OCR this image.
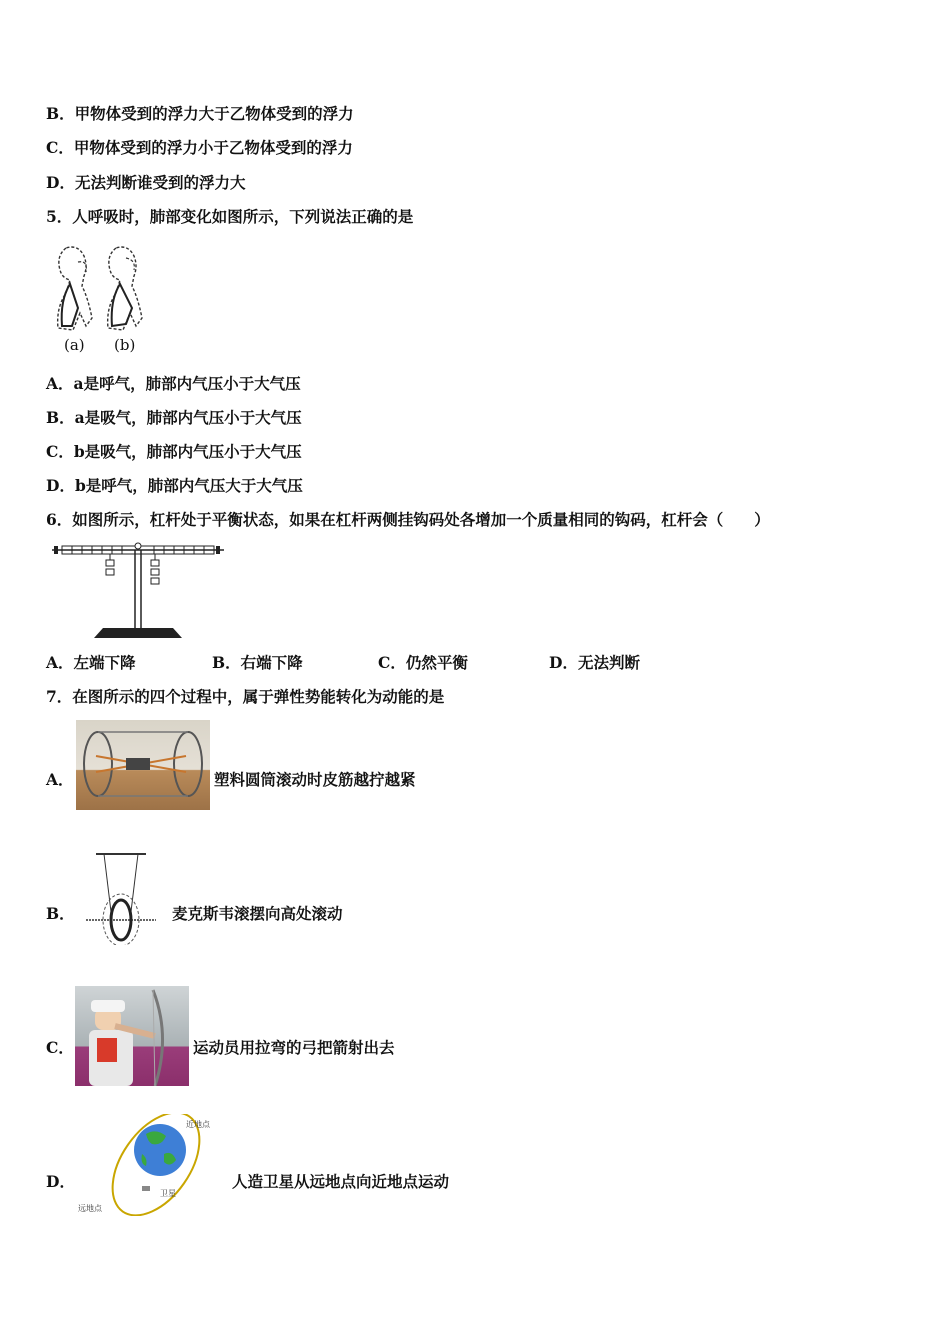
B．甲物体受到的浮力大于乙物体受到的浮力
C．甲物体受到的浮力小于乙物体受到的浮力
D．无法判断谁受到的浮力大
5．人呼吸时，肺部变化如图所示，下列说法正确的是
(a) (b)
A．a是呼气，肺部内气压小于大气压
B．a是吸气，肺部内气压小于大气压
C．b是吸气，肺部内气压小于大气压
D．b是呼气，肺部内气压大于大气压
6．如图所示，杠杆处于平衡状态，如果在杠杆两侧挂钩码处各增加一个质量相同的钩码，杠杆会（　　）
A．左端下降	B．右端下降	C．仍然平衡	D．无法判断
7．在图所示的四个过程中，属于弹性势能转化为动能的是
A．	塑料圆筒滚动时皮筋越拧越紧
B．	麦克斯韦滚摆向高处滚动
C．	运动员用拉弯的弓把箭射出去
D．
近地点
远地点
卫星
人造卫星从远地点向近地点运动
